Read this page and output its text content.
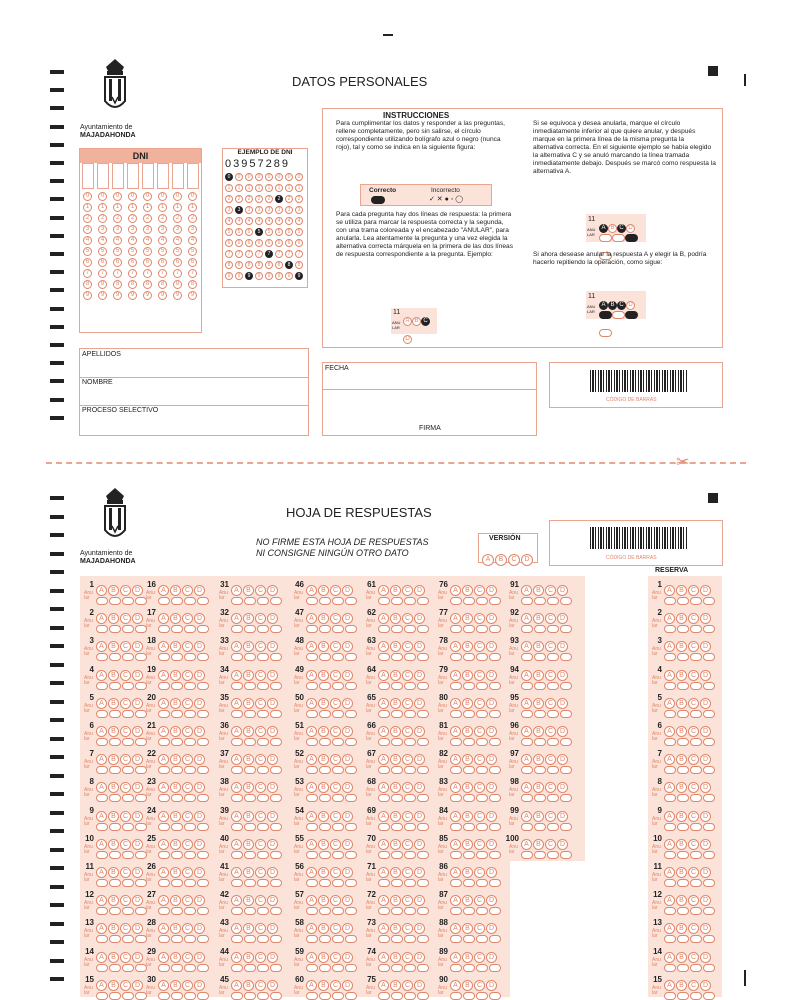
Ayuntamiento de
MAJADAHONDA
DATOS PERSONALES
DNI
0
1
2
3
4
5
6
7
8
9
0
1
2
3
4
5
6
7
8
9
0
1
2
3
4
5
6
7
8
9
0
1
2
3
4
5
6
7
8
9
0
1
2
3
4
5
6
7
8
9
0
1
2
3
4
5
6
7
8
9
0
1
2
3
4
5
6
7
8
9
0
1
2
3
4
5
6
7
8
9
EJEMPLO DE DNI
03957289
0
1
2
3
4
5
6
7
8
9
0
1
2
3
4
5
6
7
8
9
0
1
2
3
4
5
6
7
8
9
0
1
2
3
4
5
6
7
8
9
0
1
2
3
4
5
6
7
8
9
0
1
2
3
4
5
6
7
8
9
0
1
2
3
4
5
6
7
8
9
0
1
2
3
4
5
6
7
8
9
INSTRUCCIONES
Para cumplimentar los datos y responder a las preguntas, rellene completamente, pero sin salirse, el círculo correspondiente utilizando bolígrafo azul o negro (nunca rojo), tal y como se indica en la siguiente figura:
Correcto	Incorrecto
✓ ✕ ● ◦ ◯
Para cada pregunta hay dos líneas de respuesta: la primera se utiliza para marcar la respuesta correcta y la segunda, con una trama coloreada y el encabezado "ANULAR", para anularla. Lea atentamente la pregunta y una vez elegida la alternativa correcta márquela en la primera de las dos líneas de respuesta correspondiente a la pregunta. Ejemplo:
11
A B CD
ANU LAR
Si se equivoca y desea anularla, marque el círculo inmediatamente inferior al que quiere anular, y después marque en la primera línea de la misma pregunta la alternativa correcta. En el siguiente ejemplo se había elegido la alternativa C y se anuló marcando la línea tramada inmediatamente debajo. Después se marcó como respuesta la alternativa A.
11
A B C D
ANU LAR
Si ahora desease anular la respuesta A y elegir la B, podría hacerlo repitiendo la operación, como sigue:
11
A B C D
ANU LAR
APELLIDOS
NOMBRE
PROCESO SELECTIVO
FECHA
FIRMA
CÓDIGO DE BARRAS
✂
Ayuntamiento de
MAJADAHONDA
HOJA DE RESPUESTAS
NO FIRME ESTA HOJA DE RESPUESTAS
NI CONSIGNE NINGÚN OTRO DATO
VERSIÓN
A B C D	CÓDIGO DE BARRAS
1
A B C D
Anu lar
2
A B C D
Anu lar
3
A B C D
Anu lar
4
A B C D
Anu lar
5
A B C D
Anu lar
6
A B C D
Anu lar
7
A B C D
Anu lar
8
A B C D
Anu lar
9
A B C D
Anu lar
10
A B C D
Anu lar
11
A B C D
Anu lar
12
A B C D
Anu lar
13
A B C D
Anu lar
14
A B C D
Anu lar
15
A B C D
Anu lar
16
A B C D
Anu lar
17
A B C D
Anu lar
18
A B C D
Anu lar
19
A B C D
Anu lar
20
A B C D
Anu lar
21
A B C D
Anu lar
22
A B C D
Anu lar
23
A B C D
Anu lar
24
A B C D
Anu lar
25
A B C D
Anu lar
26
A B C D
Anu lar
27
A B C D
Anu lar
28
A B C D
Anu lar
29
A B C D
Anu lar
30
A B C D
Anu lar
31
A B C D
Anu lar
32
A B C D
Anu lar
33
A B C D
Anu lar
34
A B C D
Anu lar
35
A B C D
Anu lar
36
A B C D
Anu lar
37
A B C D
Anu lar
38
A B C D
Anu lar
39
A B C D
Anu lar
40
A B C D
Anu lar
41
A B C D
Anu lar
42
A B C D
Anu lar
43
A B C D
Anu lar
44
A B C D
Anu lar
45
A B C D
Anu lar
46
A B C D
Anu lar
47
A B C D
Anu lar
48
A B C D
Anu lar
49
A B C D
Anu lar
50
A B C D
Anu lar
51
A B C D
Anu lar
52
A B C D
Anu lar
53
A B C D
Anu lar
54
A B C D
Anu lar
55
A B C D
Anu lar
56
A B C D
Anu lar
57
A B C D
Anu lar
58
A B C D
Anu lar
59
A B C D
Anu lar
60
A B C D
Anu lar
61
A B C D
Anu lar
62
A B C D
Anu lar
63
A B C D
Anu lar
64
A B C D
Anu lar
65
A B C D
Anu lar
66
A B C D
Anu lar
67
A B C D
Anu lar
68
A B C D
Anu lar
69
A B C D
Anu lar
70
A B C D
Anu lar
71
A B C D
Anu lar
72
A B C D
Anu lar
73
A B C D
Anu lar
74
A B C D
Anu lar
75
A B C D
Anu lar
76
A B C D
Anu lar
77
A B C D
Anu lar
78
A B C D
Anu lar
79
A B C D
Anu lar
80
A B C D
Anu lar
81
A B C D
Anu lar
82
A B C D
Anu lar
83
A B C D
Anu lar
84
A B C D
Anu lar
85
A B C D
Anu lar
86
A B C D
Anu lar
87
A B C D
Anu lar
88
A B C D
Anu lar
89
A B C D
Anu lar
90
A B C D
Anu lar
91
A B C D
Anu lar
92
A B C D
Anu lar
93
A B C D
Anu lar
94
A B C D
Anu lar
95
A B C D
Anu lar
96
A B C D
Anu lar
97
A B C D
Anu lar
98
A B C D
Anu lar
99
A B C D
Anu lar
100
A B C D
Anu lar
RESERVA
1
A B C D
Anu lar
2
A B C D
Anu lar
3
A B C D
Anu lar
4
A B C D
Anu lar
5
A B C D
Anu lar
6
A B C D
Anu lar
7
A B C D
Anu lar
8
A B C D
Anu lar
9
A B C D
Anu lar
10
A B C D
Anu lar
11
A B C D
Anu lar
12
A B C D
Anu lar
13
A B C D
Anu lar
14
A B C D
Anu lar
15
A B C D
Anu lar
